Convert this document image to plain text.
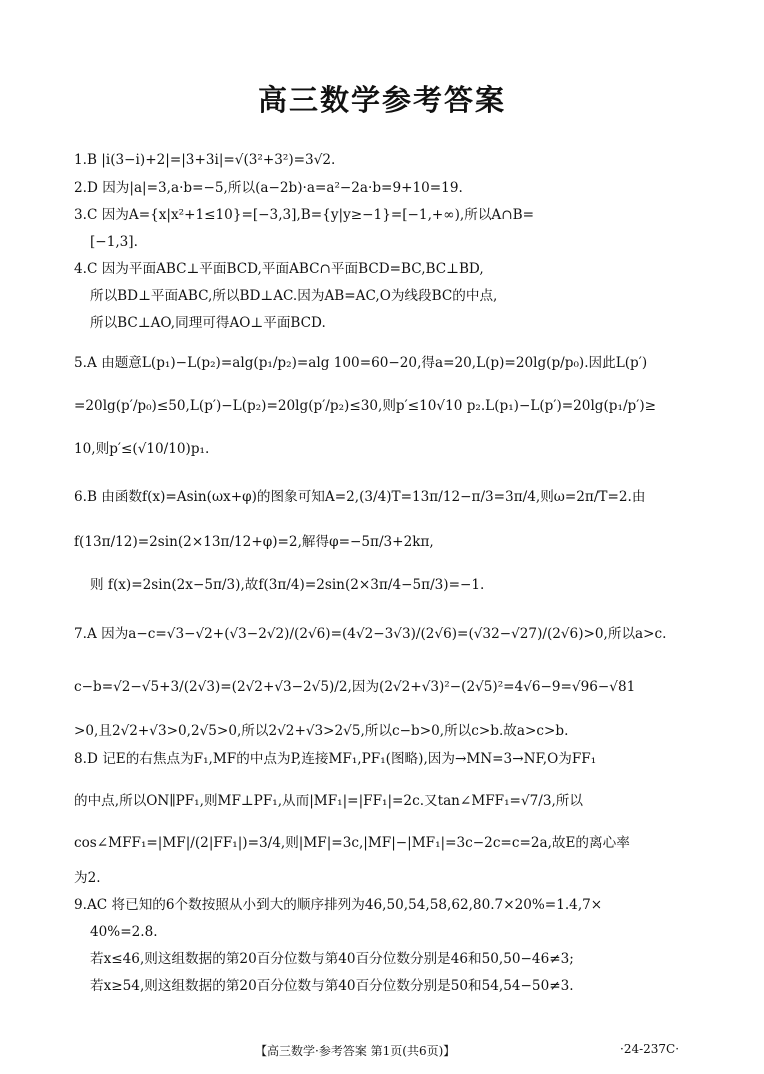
高三数学参考答案
1.B |i(3−i)+2|=|3+3i|=√(3²+3²)=3√2.
2.D 因为|a|=3,a·b=−5,所以(a−2b)·a=a²−2a·b=9+10=19.
3.C 因为A={x|x²+1≤10}=[−3,3],B={y|y≥−1}=[−1,+∞),所以A∩B=
[−1,3].
4.C 因为平面ABC⊥平面BCD,平面ABC∩平面BCD=BC,BC⊥BD,
所以BD⊥平面ABC,所以BD⊥AC.因为AB=AC,O为线段BC的中点,
所以BC⊥AO,同理可得AO⊥平面BCD.
5.A 由题意L(p₁)−L(p₂)=alg(p₁/p₂)=alg 100=60−20,得a=20,L(p)=20lg(p/p₀).因此L(p′)
=20lg(p′/p₀)≤50,L(p′)−L(p₂)=20lg(p′/p₂)≤30,则p′≤10√10 p₂.L(p₁)−L(p′)=20lg(p₁/p′)≥
10,则p′≤(√10/10)p₁.
6.B 由函数f(x)=Asin(ωx+φ)的图象可知A=2,(3/4)T=13π/12−π/3=3π/4,则ω=2π/T=2.由
f(13π/12)=2sin(2×13π/12+φ)=2,解得φ=−5π/3+2kπ,
则 f(x)=2sin(2x−5π/3),故f(3π/4)=2sin(2×3π/4−5π/3)=−1.
7.A 因为a−c=√3−√2+(√3−2√2)/(2√6)=(4√2−3√3)/(2√6)=(√32−√27)/(2√6)>0,所以a>c.
c−b=√2−√5+3/(2√3)=(2√2+√3−2√5)/2,因为(2√2+√3)²−(2√5)²=4√6−9=√96−√81
>0,且2√2+√3>0,2√5>0,所以2√2+√3>2√5,所以c−b>0,所以c>b.故a>c>b.
8.D 记E的右焦点为F₁,MF的中点为P,连接MF₁,PF₁(图略),因为→MN=3→NF,O为FF₁
的中点,所以ON∥PF₁,则MF⊥PF₁,从而|MF₁|=|FF₁|=2c.又tan∠MFF₁=√7/3,所以
cos∠MFF₁=|MF|/(2|FF₁|)=3/4,则|MF|=3c,|MF|−|MF₁|=3c−2c=c=2a,故E的离心率
为2.
9.AC 将已知的6个数按照从小到大的顺序排列为46,50,54,58,62,80.7×20%=1.4,7×
40%=2.8.
若x≤46,则这组数据的第20百分位数与第40百分位数分别是46和50,50−46≠3;
若x≥54,则这组数据的第20百分位数与第40百分位数分别是50和54,54−50≠3.
【高三数学·参考答案 第1页(共6页)】	·24-237C·
